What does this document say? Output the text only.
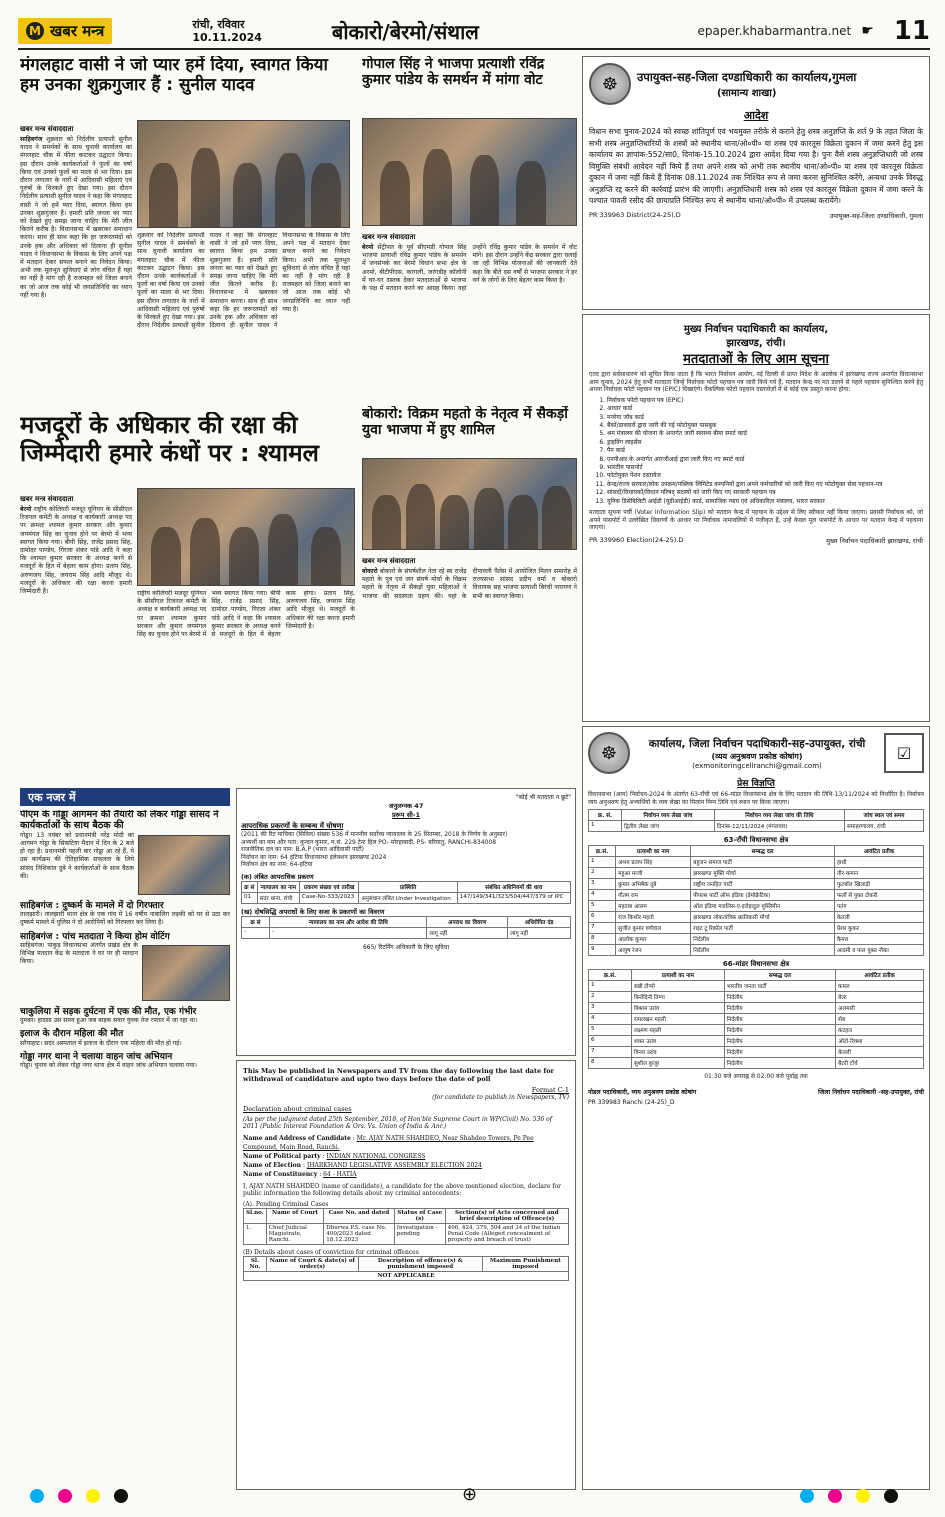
M खबर मन्त्र	रांची, रविवार
10.11.2024	बोकारो/बेरमो/संथाल	epaper.khabarmantra.net ☛ 11
मंगलहाट वासी ने जो प्यार हमें दिया, स्वागत किया हम उनका शुक्रगुजार हैं : सुनील यादव
खबर मन्त्र संवाददाता
साहिबगंज शुक्रवार को निर्दलीय प्रत्याशी सुनील यादव ने समर्थकों के साथ चुनावी कार्यालय का मंगलहाट चौक में फीता काटकर उद्घाटन किया। इस दौरान उनके कार्यकर्ताओं ने फूलों का वर्षा किया एवं उनको फूलों का माला से भर दिया। इस दौरान लगातार के नारों में आदिवासी महिलाएं एवं पुरुषों के थिरकते हुए देखा गया। इस दौरान निर्दलीय प्रत्याशी सुनील यादव ने कहा कि मंगलहाट वासी ने जो हमें प्यार दिया, स्वागत किया हम उनका शुक्रगुजार हैं। हमारी प्रति जनता का प्यार को देखते हुए समझ जाना चाहिए कि मेरी जीत कितने करीब है। विधानसभा में खबरकर समाधान करना। साथ ही साथ कहा कि हर जरूरतमंदों को उनके हक और अधिकार को दिलाना ही सुनील यादव ने विधानसभा के विकास के लिए अपने पक्ष में मतदान देकर सफल बनाने का निवेदन किया। अभी तक मूलभूत सुविधाएं से लोग वंचित हैं यहां का नहीं है मांग रही है राजमहल को जिला बनाने का जो आज तक कोई भी जनप्रतिनिधि का ध्यान नहीं गया है।
शुक्रवार को निर्दलीय प्रत्याशी सुनील यादव ने समर्थकों के साथ चुनावी कार्यालय का मंगलहाट चौक में फीता काटकर उद्घाटन किया। इस दौरान उनके कार्यकर्ताओं ने फूलों का वर्षा किया एवं उनको फूलों का माला से भर दिया। इस दौरान लगातार के नारों में आदिवासी महिलाएं एवं पुरुषों के थिरकते हुए देखा गया। इस दौरान निर्दलीय प्रत्याशी सुनील यादव ने कहा कि मंगलहाट वासी ने जो हमें प्यार दिया, स्वागत किया हम उनका शुक्रगुजार हैं। हमारी प्रति जनता का प्यार को देखते हुए समझ जाना चाहिए कि मेरी जीत कितने करीब है। विधानसभा में खबरकर समाधान करना। साथ ही साथ कहा कि हर जरूरतमंदों को उनके हक और अधिकार को दिलाना ही सुनील यादव ने विधानसभा के विकास के लिए अपने पक्ष में मतदान देकर सफल बनाने का निवेदन किया। अभी तक मूलभूत सुविधाएं से लोग वंचित हैं यहां का नहीं है मांग रही है राजमहल को जिला बनाने का जो आज तक कोई भी जनप्रतिनिधि का ध्यान नहीं गया है।
गोपाल सिंह ने भाजपा प्रत्याशी रविंद्र कुमार पांडेय के समर्थन में मांगा वोट
खबर मन्त्र संवाददाता
बेरमो सेंट्रीपल के पूर्व सीएमडी गोपाल सिंह भाजपा प्रत्याशी रविंद्र कुमार पांडेय के समर्थन में जनसंपर्क कर बेरमो विधान सभा क्षेत्र के अरमो, बीटीपीएस, करगली, जरंगडीह कॉलोनी में घर-घर दस्तक देकर मतदाताओं से भाजपा के पक्ष में मतदान करने का आग्रह किया। वहां उन्होंने रविंद्र कुमार पांडेय के समर्थन में वोट मांगे। इस दौरान उन्होंने केंद्र सरकार द्वारा चलाई जा रही विभिन्न योजनाओं की जानकारी देते कहा कि बीते दस वर्षों से भाजपा सरकार ने हर वर्ग के लोगों के लिए बेहतर काम किया है।
मजदूरों के अधिकार की रक्षा की जिम्मेदारी हमारे कंधों पर : श्यामल
खबर मन्त्र संवाददाता
बेरमो राष्ट्रीय कोलियरी मजदूर यूनियन के सीसीएल रिजनल कमेटी के अध्यक्ष व कार्यकारी अध्यक्ष पद पर क्रमशः श्यामल कुमार सरकार और कुमार जयमंगल सिंह का चुनाव होने पर बेरमो में भव्य स्वागत किया गया। बीपी सिंह, राजेंद्र प्रसाद सिंह, दामोदर पाण्डेय, गिरजा शंकर पांडे आदि ने कहा कि श्यामल कुमार सरकार के अध्यक्ष बनने से मजदूरों के हित में बेहतर काम होगा। प्रताप सिंह, अरुणजय सिंह, जयराम सिंह आदि मौजूद थे। मजदूरों के अधिकार की रक्षा करना हमारी जिम्मेदारी है।	राष्ट्रीय कोलियरी मजदूर यूनियन के सीसीएल रिजनल कमेटी के अध्यक्ष व कार्यकारी अध्यक्ष पद पर क्रमशः श्यामल कुमार सरकार और कुमार जयमंगल सिंह का चुनाव होने पर बेरमो में भव्य स्वागत किया गया। बीपी सिंह, राजेंद्र प्रसाद सिंह, दामोदर पाण्डेय, गिरजा शंकर पांडे आदि ने कहा कि श्यामल कुमार सरकार के अध्यक्ष बनने से मजदूरों के हित में बेहतर काम होगा। प्रताप सिंह, अरुणजय सिंह, जयराम सिंह आदि मौजूद थे। मजदूरों के अधिकार की रक्षा करना हमारी जिम्मेदारी है।
बोकारो: विक्रम महतो के नेतृत्व में सैकड़ों युवा भाजपा में हुए शामिल
खबर मन्त्र संवाददाता
बोकारो बोकारो के संघर्षशील नेता रहे स्व राजेंद्र महतो के पुत्र एवं जन संघर्ष मोर्चा के विक्रम महतो के नेतृत्व में सैकड़ों युवा महिलाओं ने भाजपा की सदस्यता ग्रहण की। यहां के दीपावली पैलेस में आयोजित मिलन समारोह में राज्यसभा सांसद प्रदीप वर्मा व बोकारो विधायक सह भाजपा प्रत्याशी बिरंची नारायण ने सभी का स्वागत किया।
एक नजर में
पीएम के गोड्डा आगमन की तैयारी को लेकर गोड्डा सांसद ने कार्यकर्ताओं के साथ बैठक की
गोड्डा। 13 नवंबर को प्रधानमंत्री नरेंद्र मोदी का आगमन गोड्डा के सिकटिया मैदान में दिन के 2 बजे हो रहा है। प्रधानमंत्री पहली बार गोड्डा आ रहे हैं, ये उस कार्यक्रम की ऐतिहासिक सफलता के लिये सांसद निशिकांत दुबे ने कार्यकर्ताओं के साथ बैठक की।
साहिबगंज : दुष्कर्म के मामले में दो गिरफ्तार
तालझारी। तालझारी थाना क्षेत्र के एक गांव में 16 वर्षीय नाबालिग लड़की को घर से उठा कर दुष्कर्म मामले में पुलिस ने दो आरोपियों को गिरफ्तार कर लिया है।
साहिबगंज : पांच मतदाता ने किया होम वोटिंग
साहिबगंज। पाकुड़ विधानसभा अंतर्गत प्रखंड क्षेत्र के विभिन्न मतदान केंद्र के मतदाता ने घर पर ही मतदान किया।
चाकुलिया में सड़क दुर्घटना में एक की मौत, एक गंभीर
दुमका। हादसा उस समय हुआ जब बाइक सवार युवक तेज रफ्तार में जा रहा था।
इलाज के दौरान महिला की मौत
सरैयाहाट। सदर अस्पताल में इलाज के दौरान एक महिला की मौत हो गई।
गोड्डा नगर थाना ने चलाया वाहन जांच अभियान
गोड्डा। चुनाव को लेकर गोड्डा नगर थाना क्षेत्र में वाहन जांच अभियान चलाया गया।
"कोई भी मतदाता न छूटे"
अनुलग्नक 47
प्ररूप सी-1
आपराधिक प्रकरणों के सम्बन्ध में घोषणा
(2011 की रिट याचिका (सिविल) संख्या 536 में माननीय सर्वोच्च न्यायालय के 25 सितम्बर, 2018 के निर्णय के अनुसार)
अभ्यर्थी का नाम और पता: कुन्दन कुमार, म.सं. 229 टेन्ट हिल PO- मोरहाबादी, PS- बरियातु, RANCHI-834008
राजनीतिक दल का नाम: B.A.P (भारत आदिवासी पार्टी)
निर्वाचन का नाम: 64 हटिया विधानसभा इलेक्शन झारखण्ड 2024
निर्वाचन क्षेत्र का नाम: 64-हटिया
(क) लंबित आपराधिक प्रकरण
क्र सं	न्यायालय का नाम	प्रकरण संख्या एवं तारीख	प्रास्थिति	संबंधित अधिनियमों की धारा
01	सदर थाना, रांची	Case-No-333/2023	अनुसंधान लंबित Under Investigation	147/149/341/323/504/447/379 of IPC
(ख) दोषसिद्धि अपराधों के लिए सजा के प्रकरणों का विवरण
क्र सं	न्यायालय का नाम और आदेश की तिथि	अपराध का विवरण	अधिरोपित दंड
-	-	लागू नहीं	लागू नहीं
665/ रिटर्निंग अधिकारी के लिए सुविधा
This May be published in Newspapers and TV from the day following the last date for withdrawal of candidature and upto two days before the date of poll
Format C-1
(for candidate to publish in Newspapers, TV)
Declaration about criminal cases
(As per the judgment dated 25th September, 2018, of Hon'ble Supreme Court in WP(Civil) No. 536 of 2011 (Public Interest Foundation & Ors. Vs. Union of India & Anr.)
Name and Address of Candidate : Mr. AJAY NATH SHAHDEO, Near Shahdeo Towers, Pe Pee Compound, Main Road, Ranchi.
Name of Political party : INDIAN NATIONAL CONGRESS
Name of Election : JHARKHAND LEGISLATIVE ASSEMBLY ELECTION 2024
Name of Constituency : 64 - HATIA
I, AJAY NATH SHAHDEO (name of candidate), a candidate for the above mentioned election, declare for public information the following details about my criminal antecedents:
(A). Pending Criminal Cases
Sl.no.	Name of Court	Case No. and dated	Status of Case (s)	Section(s) of Acts concerned and brief description of Offence(s)
1.	Chief Judicial Magistrate, Ranchi.	Dhurwa P.S. case No. 400/2023 dated 18.12.2023	Investigation - pending	406, 424, 379, 504 and 34 of the Indian Penal Code (Alleged concealment of property and breach of trust)
(B) Details about cases of conviction for criminal offences
Sl. No.	Name of Court & date(s) of order(s)	Description of offence(s) & punishment imposed	Maximum Punishment imposed
NOT APPLICABLE
☸	उपायुक्त-सह-जिला दण्डाधिकारी का कार्यालय,गुमला
(सामान्य शाखा)
आदेश
विधान सभा चुनाव-2024 को स्वच्छ शांतिपूर्ण एवं भयमुक्त तरीके से कराने हेतु शस्त्र अनुज्ञप्ति के शर्त 9 के तहत जिला के सभी शस्त्र अनुज्ञप्तिधारियों के शस्त्रों को स्थानीय थाना/ओ०पी० या शस्त्र एवं कारतूस विक्रेता दुकान में जमा करने हेतु इस कार्यालय का ज्ञापांक-552/सा0, दिनांक-15.10.2024 द्वारा आदेश दिया गया है। पुनः वैसे शस्त्र अनुज्ञप्तिधारी जो शस्त्र विमुक्ति संबंधी आवेदन नहीं किये हैं तथा अपने शस्त्र को अभी तक स्थानीय थाना/ओ०पी० या शस्त्र एवं कारतूस विक्रेता दुकान में जमा नहीं किये हैं दिनांक 08.11.2024 तक निश्चित रूप से जमा करना सुनिश्चित करेंगे, अन्यथा उनके विरुद्ध अनुज्ञप्ति रद्द करने की कार्रवाई प्रारंभ की जाएगी। अनुज्ञप्तिधारी शस्त्र को शस्त्र एवं कारतूस विक्रेता दुकान में जमा करने के पश्चात पावती रसीद की छायाप्रति निश्चित रूप से स्थानीय थाना/ओ०पी० में उपलब्ध करायेंगे।
PR 339963 District(24-25).D	उपायुक्त-सह-जिला दण्डाधिकारी, गुमला
मुख्य निर्वाचन पदाधिकारी का कार्यालय,
झारखण्ड, रांची।
मतदाताओं के लिए आम सूचना
एतद द्वारा सर्वसाधारण को सूचित किया जाता है कि भारत निर्वाचन आयोग, नई दिल्ली से प्राप्त निदेश के आलोक में झारखण्ड राज्य अन्तर्गत विधानसभा आम चुनाव, 2024 हेतु सभी मतदाता जिन्हें निर्वाचक फोटो पहचान पत्र जारी किये गये हैं, मतदान केन्द्र पर मत डालने से पहले पहचान सुनिश्चित करने हेतु अपना निर्वाचक फोटो पहचान पत्र (EPIC) दिखाएंगे। वैकल्पिक फोटो पहचान दस्तावेज़ों में से कोई एक प्रस्तुत करना होगा:
1. निर्वाचक फोटो पहचान पत्र (EPIC)
2. आधार कार्ड
3. मनरेगा जॉब कार्ड
4. बैंकों/डाकघरों द्वारा जारी की गई फोटोयुक्त पासबुक
5. श्रम मंत्रालय की योजना के अन्तर्गत जारी स्वास्थ्य बीमा स्मार्ट कार्ड
6. ड्राइविंग लाइसेंस
7. पैन कार्ड
8. एनपीआर के अन्तर्गत आरजीआई द्वारा जारी किए गए स्मार्ट कार्ड
9. भारतीय पासपोर्ट
10. फोटोयुक्त पेंशन दस्तावेज
11. केन्द्र/राज्य सरकार/लोक उपक्रम/पब्लिक लिमिटेड कम्पनियों द्वारा अपने कर्मचारियों को जारी किए गए फोटोयुक्त सेवा पहचान-पत्र
12. सांसदों/विधायकों/विधान परिषद् सदस्यों को जारी किए गए सरकारी पहचान पत्र
13. यूनिक डिसेबिलिटी आईडी (यूडीआईडी) कार्ड, सामाजिक न्याय एवं अधिकारिता मंत्रालय, भारत सरकार
मतदाता सूचना पर्ची (Voter Information Slip) को मतदान केन्द्र में पहचान के उद्देश्य से लिए स्वीकार नहीं किया जाएगा। प्रवासी निर्वाचक को, जो अपने पासपोर्ट में उल्लेखित विवरणों के आधार पर निर्वाचक नामावलियों में पंजीकृत हैं, उन्हें केवल मूल पासपोर्ट के आधार पर मतदान केन्द्र में पहचाना जाएगा।
PR 339960 Election(24-25).D	मुख्य निर्वाचन पदाधिकारी झारखण्ड, रांची
☸	कार्यालय, जिला निर्वाचन पदाधिकारी-सह-उपायुक्त, रांची
(व्यय अनुश्रवण प्रकोष्ठ कोषांग)
(exmonitoringcellranchi@gmail.com)
☑
प्रेस विज्ञप्ति
विधानसभा (आम) निर्वाचन-2024 के अंतर्गत 63-राँची एवं 66-मांडर विधानसभा क्षेत्र के लिए मतदान की तिथि-13/11/2024 को निर्धारित है। निर्वाचन व्यय अनुश्रवण हेतु अभ्यर्थियों के व्यय लेखा का मिलान निम्न तिथि एवं स्थान पर किया जाएगा।
क्र. सं.	निर्वाचन व्यय लेखा जांच	निर्वाचन व्यय लेखा जांच की तिथि	जांच स्थल एवं समय
1	द्वितीय लेखा जांच	दिनांक-12/11/2024 (मंगलवार)	समाहरणालय, रांची
63-राँची विधानसभा क्षेत्र
क्र.सं.	प्रत्याशी का नाम	सम्बद्ध दल	आवंटित प्रतीक
1	अभय प्रताप सिंह	बहुजन समाज पार्टी	हाथी
2	महुआ माजी	झारखण्ड मुक्ति मोर्चा	तीर-कमान
3	कुमार अभिषेक दूबे	राष्ट्रीय जनहित पार्टी	फुटबॉल खिलाड़ी
4	गौतम राम	पीपल्स पार्टी ऑफ इंडिया (डेमोक्रेटिक)	फलों से युक्त टोकरी
5	महताब आलम	ऑल इंडिया मजलिस-ए-इत्तेहादुल मुस्लिमीन	पतंग
6	राज किशोर महतो	झारखण्ड लोकतांत्रिक क्रांतिकारी मोर्चा	केतली
7	सुजीत कुमार वर्णवाल	राइट टू रिकॉल पार्टी	प्रेशर कुकर
8	आलोक कुमार	निर्दलीय	कैमरा
9	आयुष रंजन	निर्दलीय	आदमी व पाल युक्त नौका
66-मांडर विधानसभा क्षेत्र
क्र.सं.	प्रत्याशी का नाम	सम्बद्ध दल	आवंटित प्रतीक
1	सन्नी टोप्पो	भारतीय जनता पार्टी	कमल
2	बिनोदिनी तिग्गा	निर्दलीय	बेल्ट
3	बिश्राम उरांव	निर्दलीय	अलमारी
4	रामलखन महली	निर्दलीय	सेब
5	लक्ष्मण महली	निर्दलीय	कटहल
6	शंकर उरांव	निर्दलीय	ऑटो-रिक्शा
7	विनय उरांव	निर्दलीय	केतली
8	सुशील कुजूर	निर्दलीय	बैटरी टॉर्च
01:30 बजे अपराह्न से 02:00 बजे पूर्वाह्न तक
नोडल पदाधिकारी, व्यय अनुश्रवण प्रकोष्ठ कोषांग	जिला निर्वाचन पदाधिकारी -सह-उपायुक्त, रांची
PR 339983 Ranchi (24-25)_D
⊕
